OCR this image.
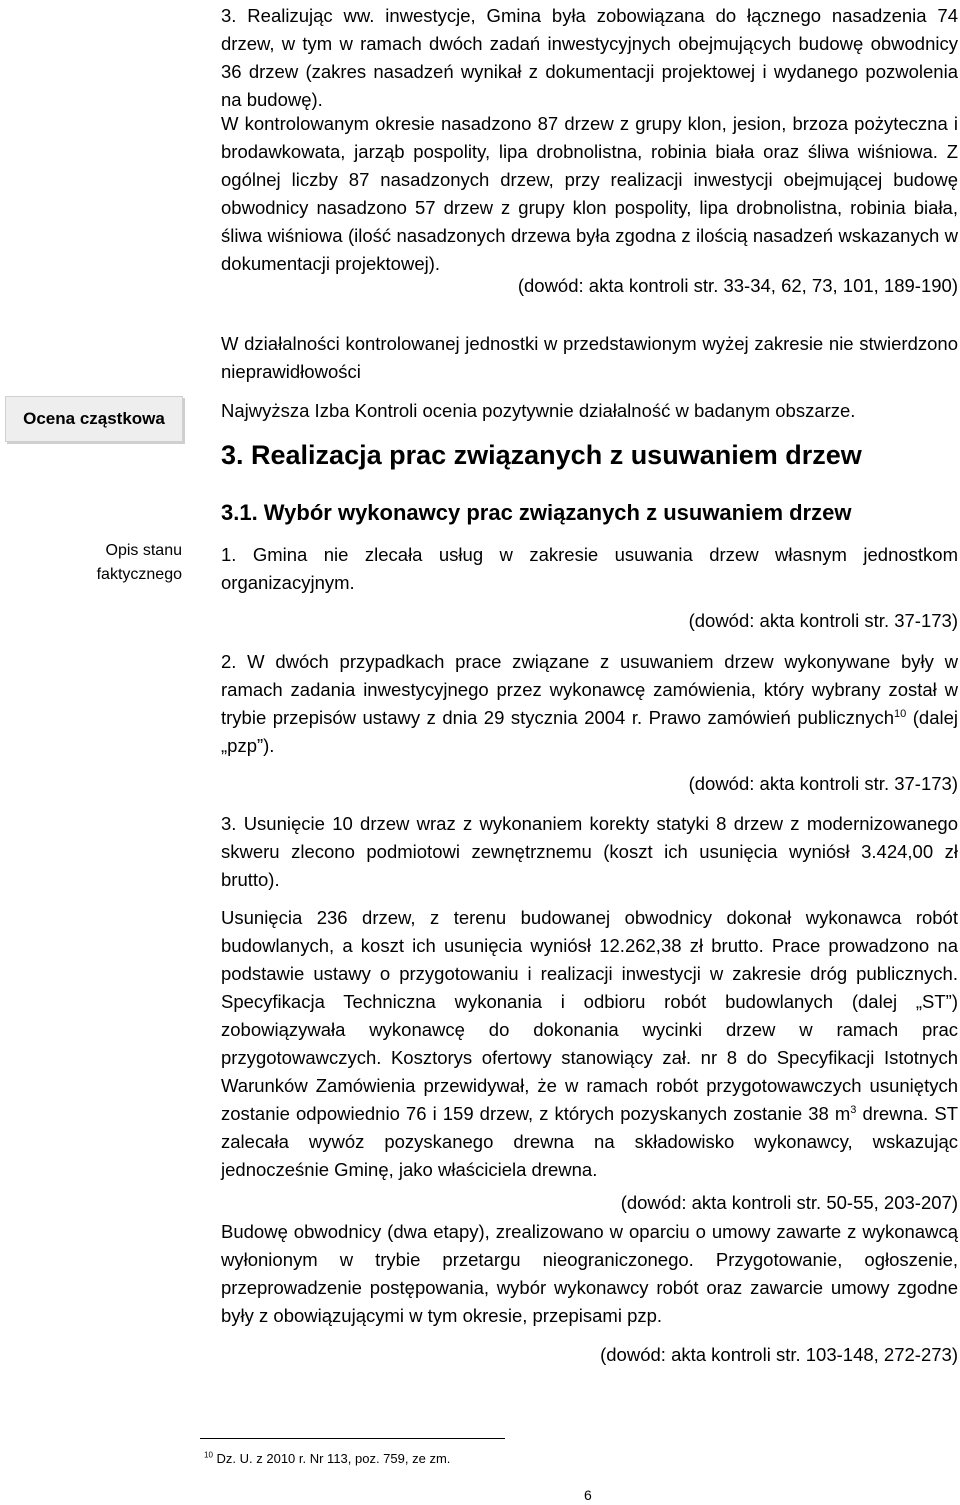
3. Realizując ww. inwestycje, Gmina była zobowiązana do łącznego nasadzenia 74 drzew, w tym w ramach dwóch zadań inwestycyjnych obejmujących budowę obwodnicy 36 drzew (zakres nasadzeń wynikał z dokumentacji projektowej i wydanego pozwolenia na budowę).
W kontrolowanym okresie nasadzono 87 drzew z grupy klon, jesion, brzoza pożyteczna i brodawkowata, jarząb pospolity, lipa drobnolistna, robinia biała oraz śliwa wiśniowa. Z ogólnej liczby 87 nasadzonych drzew, przy realizacji inwestycji obejmującej budowę obwodnicy nasadzono 57 drzew z grupy klon pospolity, lipa drobnolistna, robinia biała, śliwa wiśniowa (ilość nasadzonych drzewa była zgodna z ilością nasadzeń wskazanych w dokumentacji projektowej).
(dowód: akta kontroli str. 33-34, 62, 73, 101, 189-190)
W działalności kontrolowanej jednostki w przedstawionym wyżej zakresie nie stwierdzono nieprawidłowości
Ocena cząstkowa	Najwyższa Izba Kontroli ocenia pozytywnie działalność w badanym obszarze.
3. Realizacja prac związanych z usuwaniem drzew
3.1. Wybór wykonawcy prac związanych z usuwaniem drzew
Opis stanu
faktycznego
1. Gmina nie zlecała usług w zakresie usuwania drzew własnym jednostkom organizacyjnym.
(dowód: akta kontroli str. 37-173)
2. W dwóch przypadkach prace związane z usuwaniem drzew wykonywane były w ramach zadania inwestycyjnego przez wykonawcę zamówienia, który wybrany został w trybie przepisów ustawy z dnia 29 stycznia 2004 r. Prawo zamówień publicznych$^{10}$ (dalej „pzp”).
(dowód: akta kontroli str. 37-173)
3. Usunięcie 10 drzew wraz z wykonaniem korekty statyki 8 drzew z modernizowanego skweru zlecono podmiotowi zewnętrznemu (koszt ich usunięcia wyniósł 3.424,00 zł brutto).
Usunięcia 236 drzew, z terenu budowanej obwodnicy dokonał wykonawca robót budowlanych, a koszt ich usunięcia wyniósł 12.262,38 zł brutto. Prace prowadzono na podstawie ustawy o przygotowaniu i realizacji inwestycji w zakresie dróg publicznych. Specyfikacja Techniczna wykonania i odbioru robót budowlanych (dalej „ST”) zobowiązywała wykonawcę do dokonania wycinki drzew w ramach prac przygotowawczych. Kosztorys ofertowy stanowiący zał. nr 8 do Specyfikacji Istotnych Warunków Zamówienia przewidywał, że w ramach robót przygotowawczych usuniętych zostanie odpowiednio 76 i 159 drzew, z których pozyskanych zostanie 38 $m^3$ drewna. ST zalecała wywóz pozyskanego drewna na składowisko wykonawcy, wskazując jednocześnie Gminę, jako właściciela drewna.
(dowód: akta kontroli str. 50-55, 203-207)
Budowę obwodnicy (dwa etapy), zrealizowano w oparciu o umowy zawarte z wykonawcą wyłonionym w trybie przetargu nieograniczonego. Przygotowanie, ogłoszenie, przeprowadzenie postępowania, wybór wykonawcy robót oraz zawarcie umowy zgodne były z obowiązującymi w tym okresie, przepisami pzp.
(dowód: akta kontroli str. 103-148, 272-273)
$^{10}$ Dz. U. z 2010 r. Nr 113, poz. 759, ze zm.
6
